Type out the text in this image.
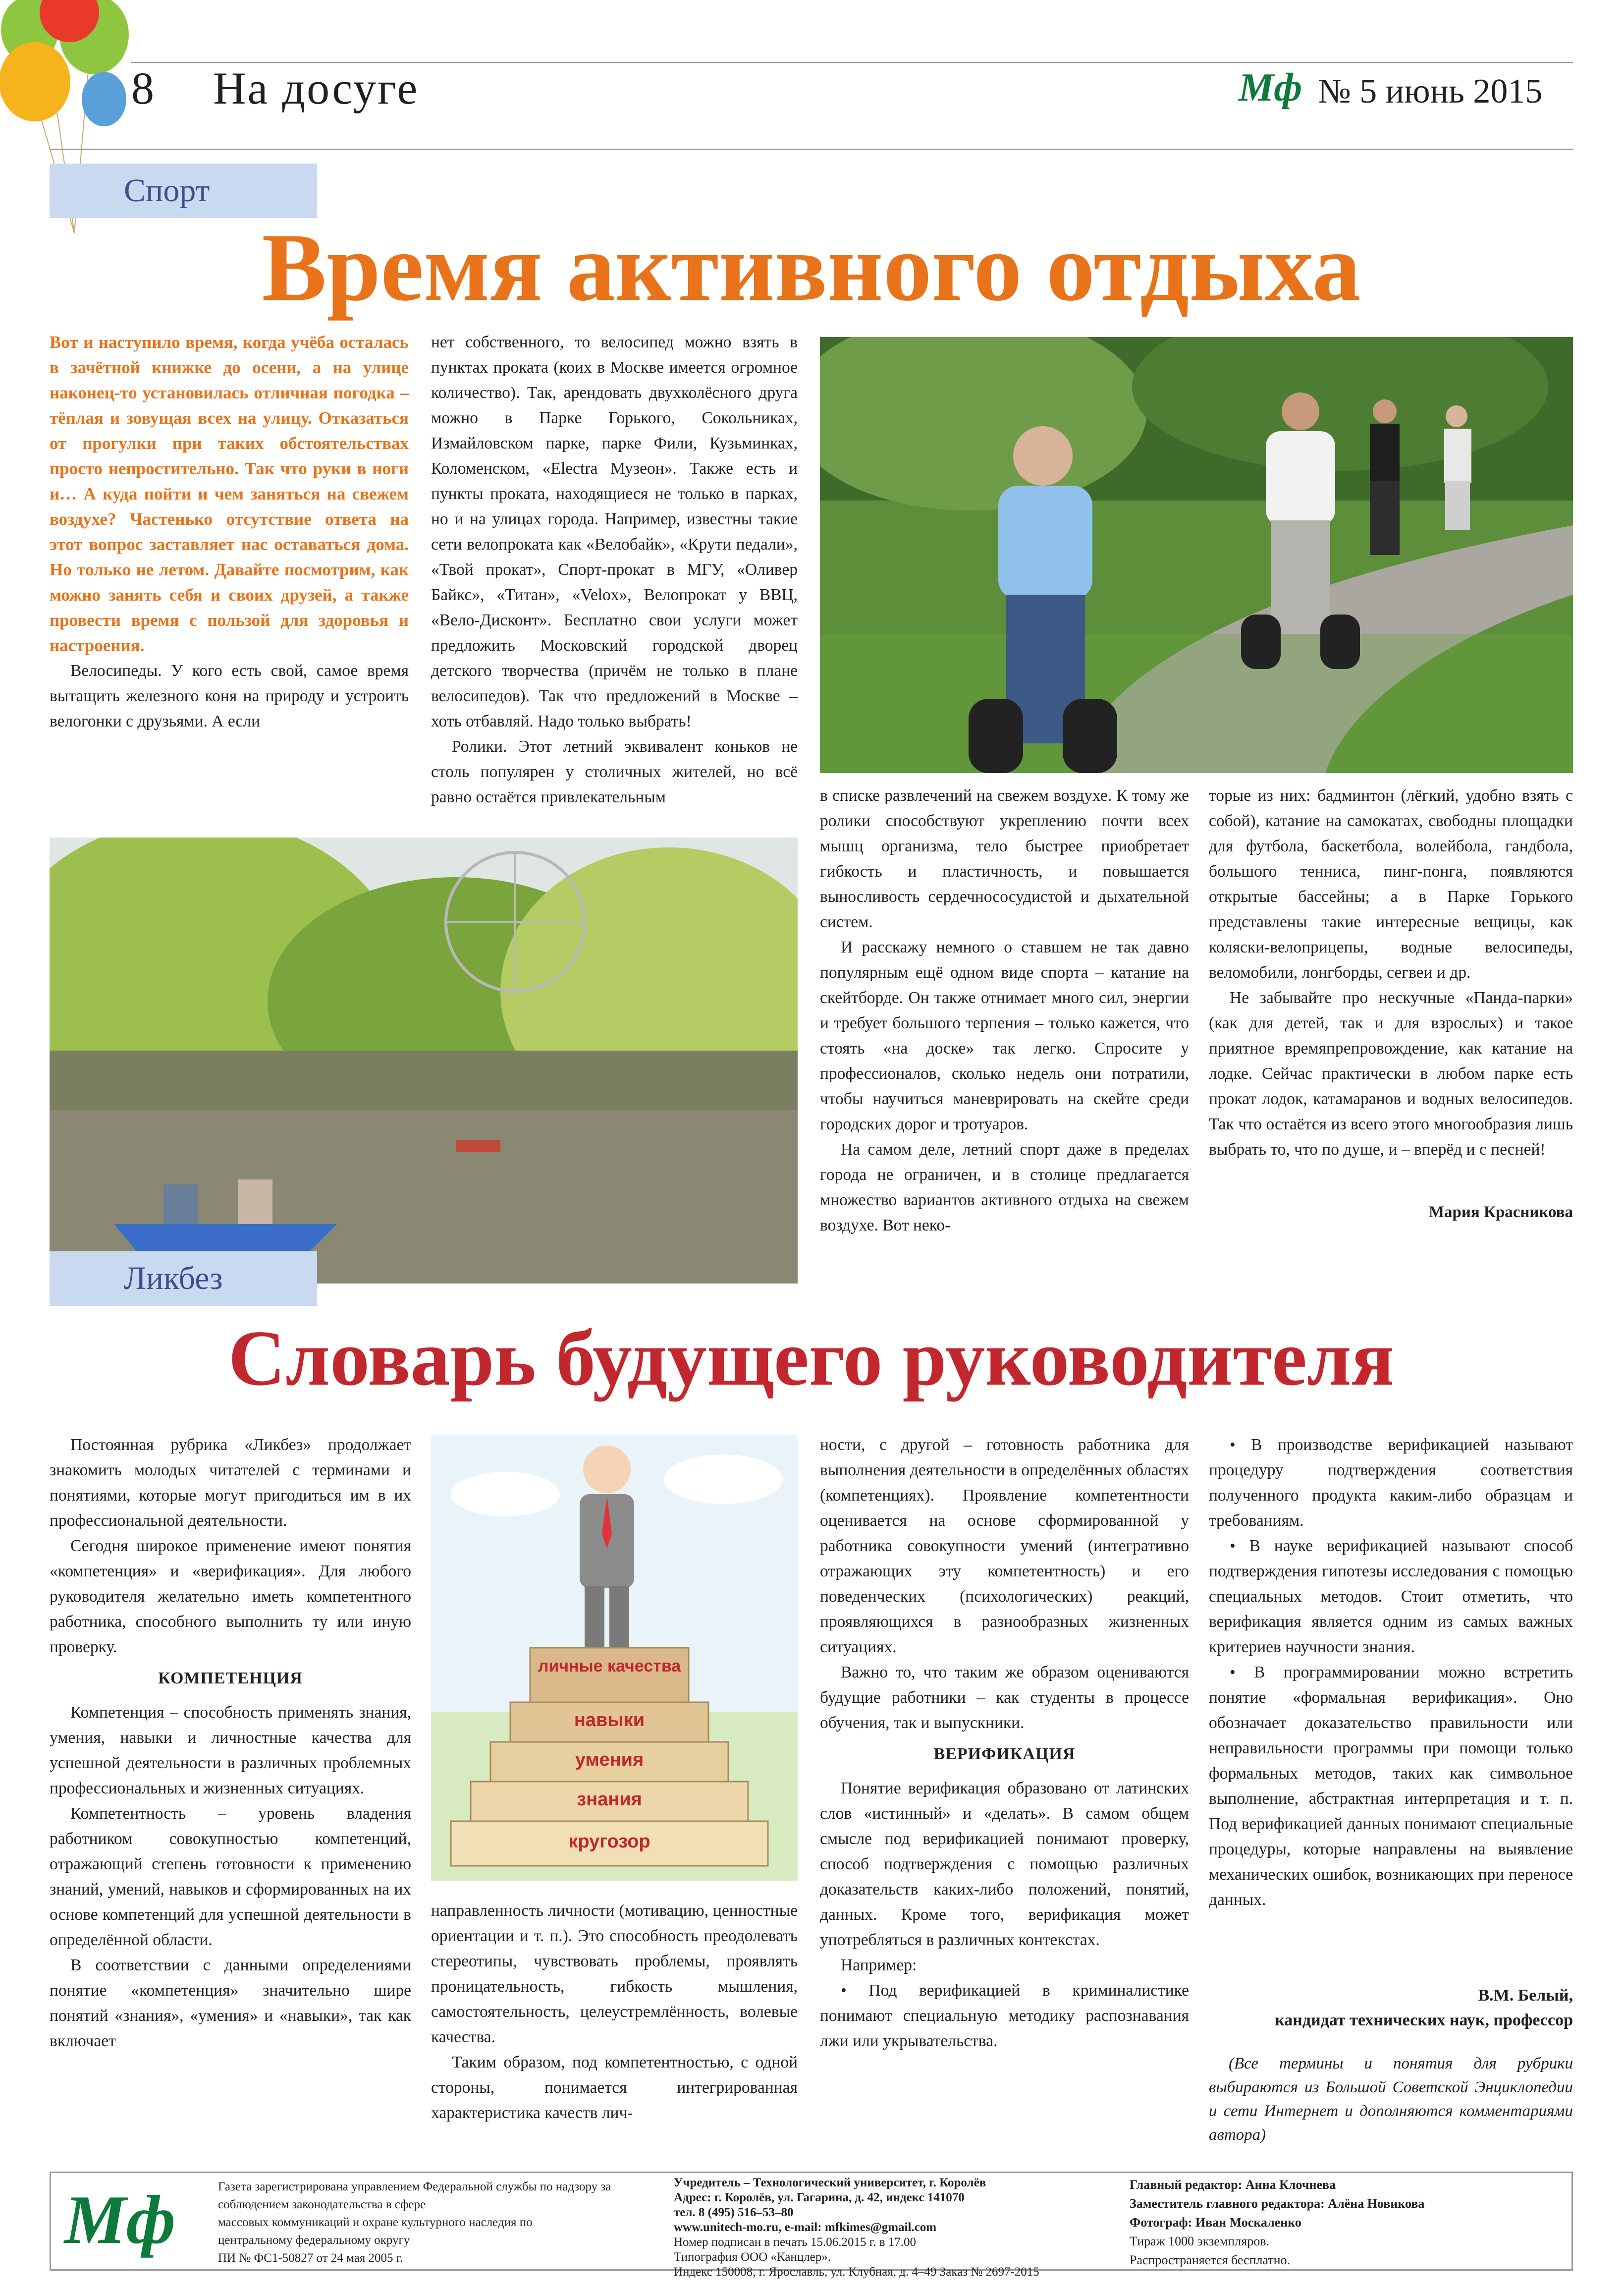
8 На досуге	Мф № 5 июнь 2015
Спорт
Время активного отдыха

Вот и наступило время, когда учёба осталась в зачётной книжке до осени, а на улице наконец-то установилась отличная погодка – тёплая и зовущая всех на улицу. Отказаться от прогулки при таких обстоятельствах просто непростительно. Так что руки в ноги и… А куда пойти и чем заняться на свежем воздухе? Частенько отсутствие ответа на этот вопрос заставляет нас оставаться дома. Но только не летом. Давайте посмотрим, как можно занять себя и своих друзей, а также провести время с пользой для здоровья и настроения.

Велосипеды. У кого есть свой, самое время вытащить железного коня на природу и устроить велогонки с друзьями. А если

нет собственного, то велосипед можно взять в пунктах проката (коих в Москве имеется огромное количество). Так, арендовать двухколёсного друга можно в Парке Горького, Сокольниках, Измайловском парке, парке Фили, Кузьминках, Коломенском, «Electra Музеон». Также есть и пункты проката, находящиеся не только в парках, но и на улицах города. Например, известны такие сети велопроката как «Велобайк», «Крути педали», «Твой прокат», Спорт-прокат в МГУ, «Оливер Байкс», «Титан», «Velox», Велопрокат у ВВЦ, «Вело-Дисконт». Бесплатно свои услуги может предложить Московский городской дворец детского творчества (причём не только в плане велосипедов). Так что предложений в Москве – хоть отбавляй. Надо только выбрать!

Ролики. Этот летний эквивалент коньков не столь популярен у столичных жителей, но всё равно остаётся привлекательным	в списке развлечений на свежем воздухе. К тому же ролики способствуют укреплению почти всех мышц организма, тело быстрее приобретает гибкость и пластичность, и повышается выносливость сердечнососудистой и дыхательной систем.

И расскажу немного о ставшем не так давно популярным ещё одном виде спорта – катание на скейтборде. Он также отнимает много сил, энергии и требует большого терпения – только кажется, что стоять «на доске» так легко. Спросите у профессионалов, сколько недель они потратили, чтобы научиться маневрировать на скейте среди городских дорог и тротуаров.

На самом деле, летний спорт даже в пределах города не ограничен, и в столице предлагается множество вариантов активного отдыха на свежем воздухе. Вот неко-

торые из них: бадминтон (лёгкий, удобно взять с собой), катание на самокатах, свободны площадки для футбола, баскетбола, волейбола, гандбола, большого тенниса, пинг-понга, появляются открытые бассейны; а в Парке Горького представлены такие интересные вещицы, как коляски-велоприцепы, водные велосипеды, веломобили, лонгборды, сегвеи и др.

Не забывайте про нескучные «Панда-парки» (как для детей, так и для взрослых) и такое приятное времяпрепровождение, как катание на лодке. Сейчас практически в любом парке есть прокат лодок, катамаранов и водных велосипедов. Так что остаётся из всего этого многообразия лишь выбрать то, что по душе, и – вперёд и с песней!

Мария Красникова
Ликбез
Словарь будущего руководителя

Постоянная рубрика «Ликбез» продолжает знакомить молодых читателей с терминами и понятиями, которые могут пригодиться им в их профессиональной деятельности.

Сегодня широкое применение имеют понятия «компетенция» и «верификация». Для любого руководителя желательно иметь компетентного работника, способного выполнить ту или иную проверку.

КОМПЕТЕНЦИЯ

Компетенция – способность применять знания, умения, навыки и личностные качества для успешной деятельности в различных проблемных профессиональных и жизненных ситуациях.

Компетентность – уровень владения работником совокупностью компетенций, отражающий степень готовности к применению знаний, умений, навыков и сформированных на их основе компетенций для успешной деятельности в определённой области.

В соответствии с данными определениями понятие «компетенция» значительно шире понятий «знания», «умения» и «навыки», так как включает

личные качества
навыки
умения
знания
кругозор

направленность личности (мотивацию, ценностные ориентации и т. п.). Это способность преодолевать стереотипы, чувствовать проблемы, проявлять проницательность, гибкость мышления, самостоятельность, целеустремлённость, волевые качества.

Таким образом, под компетентностью, с одной стороны, понимается интегрированная характеристика качеств лич-

ности, с другой – готовность работника для выполнения деятельности в определённых областях (компетенциях). Проявление компетентности оценивается на основе сформированной у работника совокупности умений (интегративно отражающих эту компетентность) и его поведенческих (психологических) реакций, проявляющихся в разнообразных жизненных ситуациях.

Важно то, что таким же образом оцениваются будущие работники – как студенты в процессе обучения, так и выпускники.

ВЕРИФИКАЦИЯ

Понятие верификация образовано от латинских слов «истинный» и «делать». В самом общем смысле под верификацией понимают проверку, способ подтверждения с помощью различных доказательств каких-либо положений, понятий, данных. Кроме того, верификация может употребляться в различных контекстах.

Например:

• Под верификацией в криминалистике понимают специальную методику распознавания лжи или укрывательства.

• В производстве верификацией называют процедуру подтверждения соответствия полученного продукта каким-либо образцам и требованиям.

• В науке верификацией называют способ подтверждения гипотезы исследования с помощью специальных методов. Стоит отметить, что верификация является одним из самых важных критериев научности знания.

• В программировании можно встретить понятие «формальная верификация». Оно обозначает доказательство правильности или неправильности программы при помощи только формальных методов, таких как символьное выполнение, абстрактная интерпретация и т. п. Под верификацией данных понимают специальные процедуры, которые направлены на выявление механических ошибок, возникающих при переносе данных.

В.М. Белый,
кандидат технических наук, профессор
(Все термины и понятия для рубрики выбираются из Большой Советской Энциклопедии и сети Интернет и дополняются комментариями автора)
Мф	Газета зарегистрирована управлением Федеральной службы по надзору за соблюдением законодательства в сфере
массовых коммуникаций и охране культурного наследия по
центральному федеральному округу
ПИ № ФС1-50827 от 24 мая 2005 г.
Учредитель – Технологический университет, г. Королёв
Адрес: г. Королёв, ул. Гагарина, д. 42, индекс 141070
тел. 8 (495) 516–53–80
www.unitech-mo.ru, e-mail: mfkimes@gmail.com
Номер подписан в печать 15.06.2015 г. в 17.00
Типография ООО «Канцлер».
Индекс 150008, г. Ярославль, ул. Клубная, д. 4–49 Заказ № 2697-2015
Главный редактор: Анна Клочнева
Заместитель главного редактора: Алёна Новикова
Фотограф: Иван Москаленко
Тираж 1000 экземпляров.
Распространяется бесплатно.
